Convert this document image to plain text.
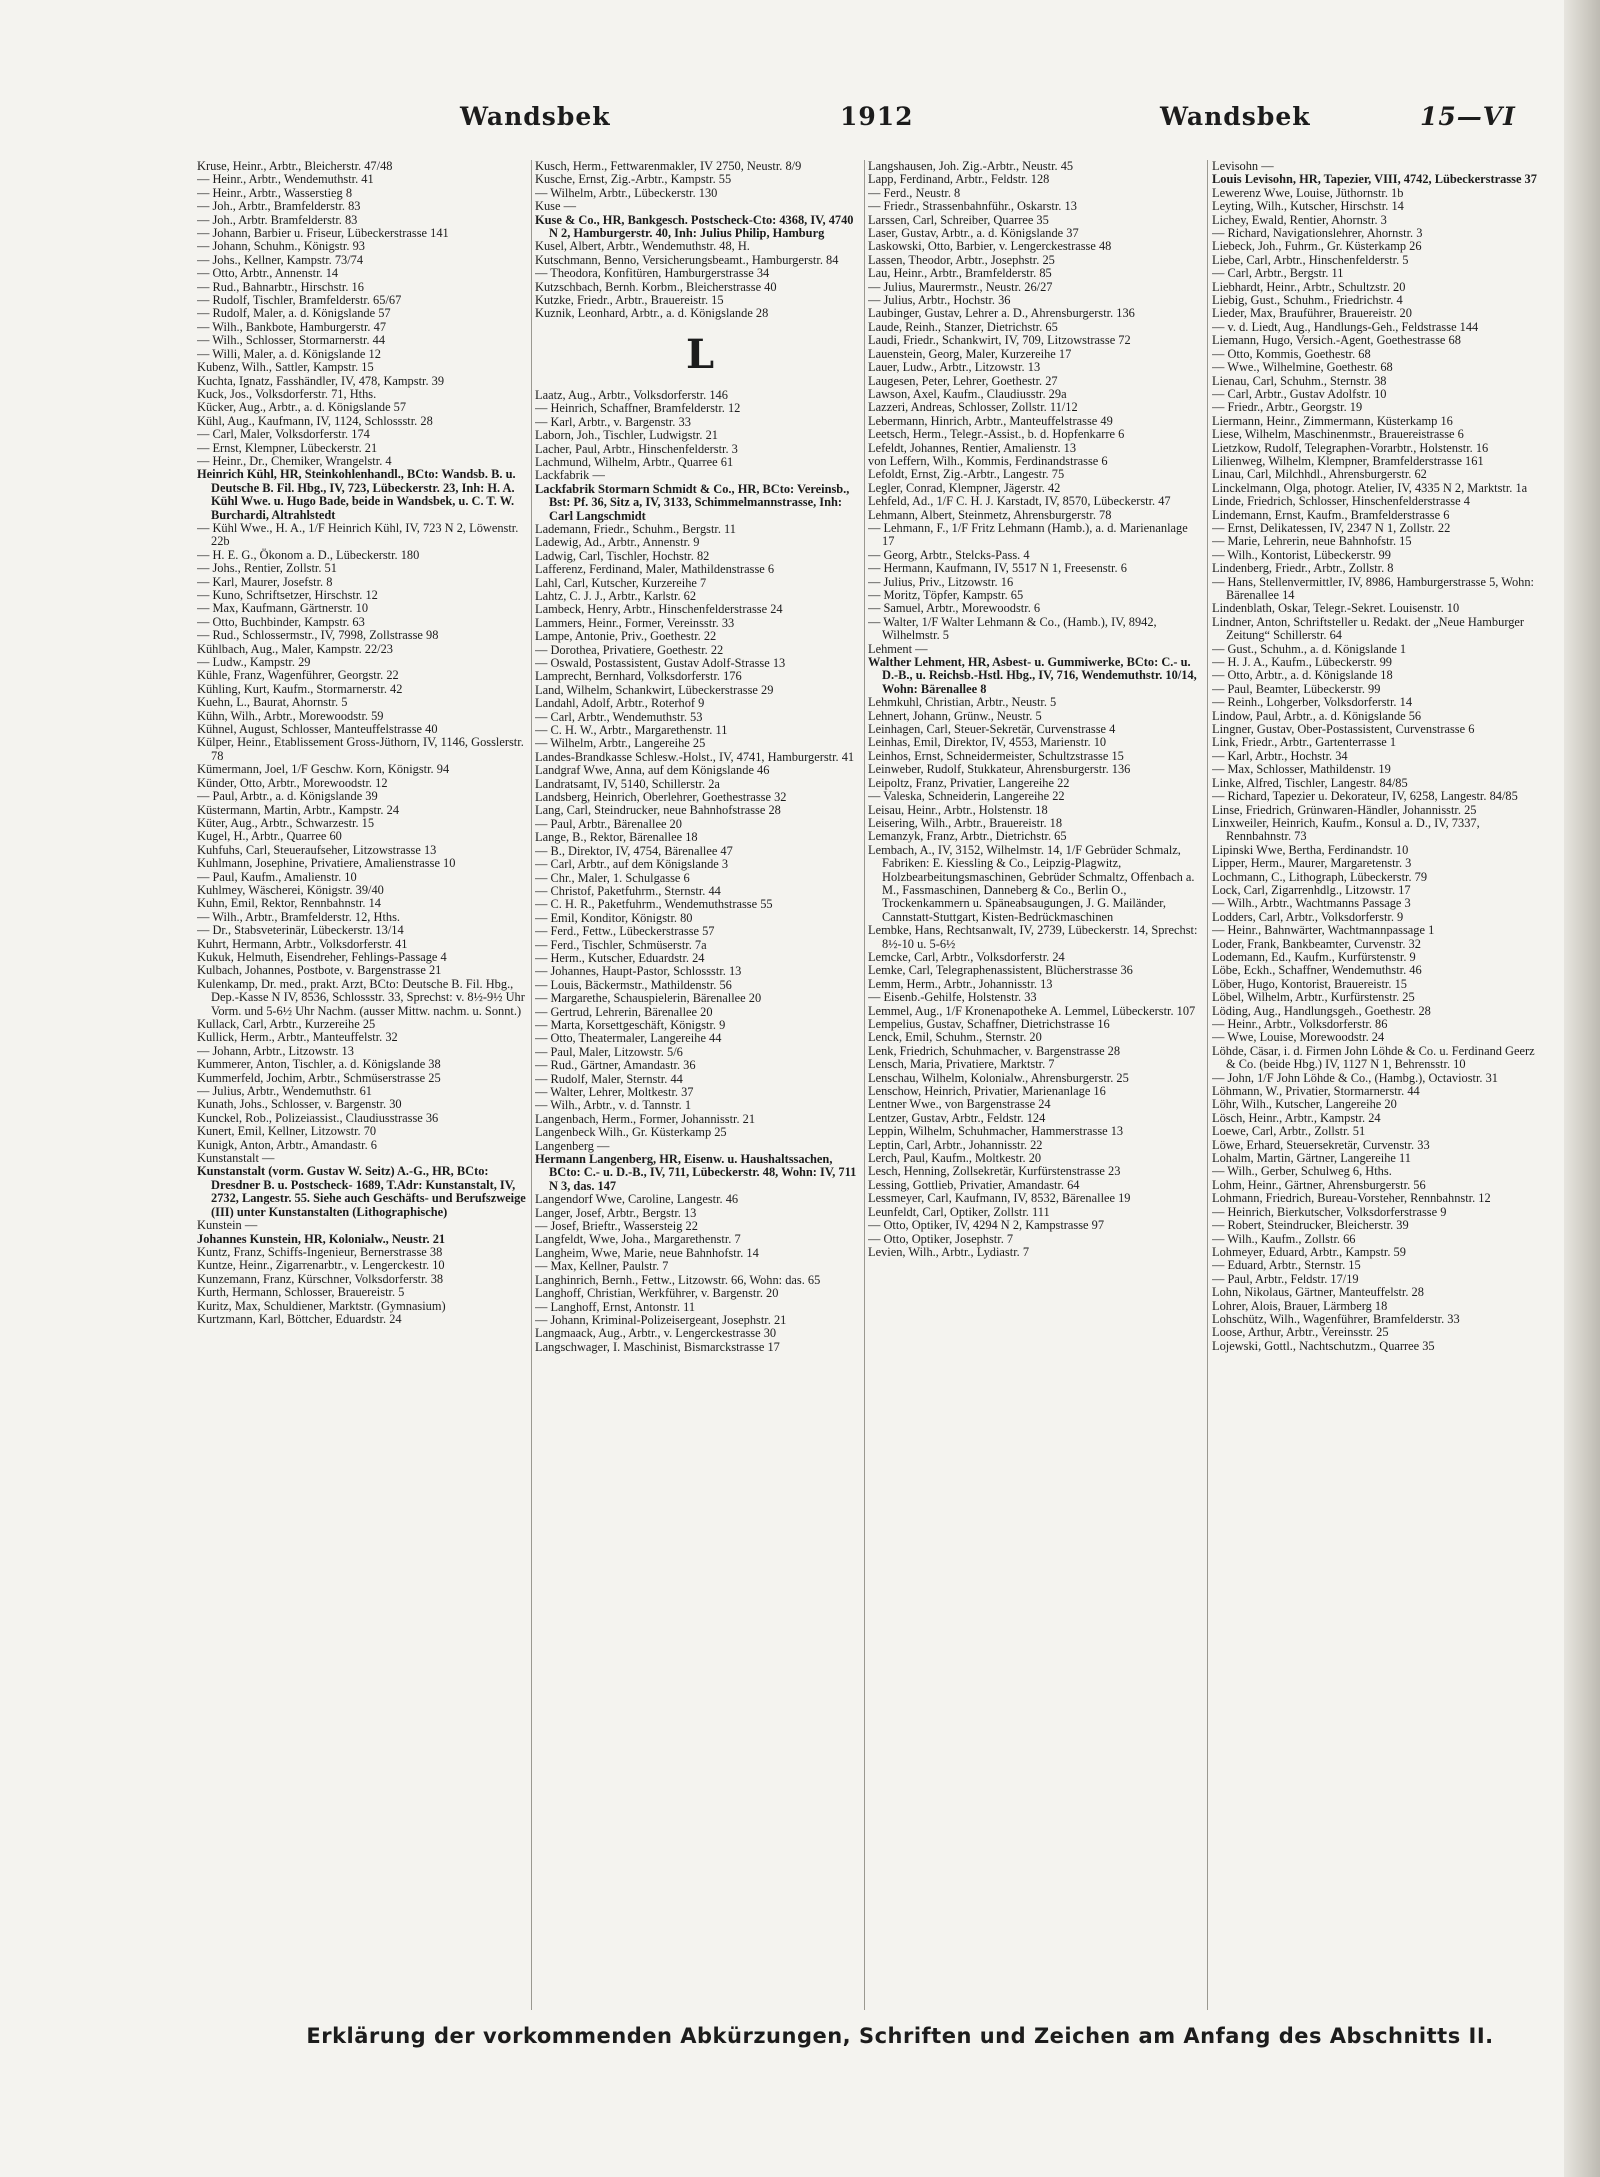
Wandsbek	1912	Wandsbek	15—VI

Kruse, Heinr., Arbtr., Bleicherstr. 47/48

— Heinr., Arbtr., Wendemuthstr. 41

— Heinr., Arbtr., Wasserstieg 8

— Joh., Arbtr., Bramfelderstr. 83

— Joh., Arbtr. Bramfelderstr. 83

— Johann, Barbier u. Friseur, Lübeckerstrasse 141

— Johann, Schuhm., Königstr. 93

— Johs., Kellner, Kampstr. 73/74

— Otto, Arbtr., Annenstr. 14

— Rud., Bahnarbtr., Hirschstr. 16

— Rudolf, Tischler, Bramfelderstr. 65/67

— Rudolf, Maler, a. d. Königslande 57

— Wilh., Bankbote, Hamburgerstr. 47

— Wilh., Schlosser, Stormarnerstr. 44

— Willi, Maler, a. d. Königslande 12

Kubenz, Wilh., Sattler, Kampstr. 15

Kuchta, Ignatz, Fasshändler, IV, 478, Kampstr. 39

Kuck, Jos., Volksdorferstr. 71, Hths.

Kücker, Aug., Arbtr., a. d. Königslande 57

Kühl, Aug., Kaufmann, IV, 1124, Schlossstr. 28

— Carl, Maler, Volksdorferstr. 174

— Ernst, Klempner, Lübeckerstr. 21

— Heinr., Dr., Chemiker, Wrangelstr. 4

Heinrich Kühl, HR, Steinkohlenhandl., BCto: Wandsb. B. u. Deutsche B. Fil. Hbg., IV, 723, Lübeckerstr. 23, Inh: H. A. Kühl Wwe. u. Hugo Bade, beide in Wandsbek, u. C. T. W. Burchardi, Altrahlstedt

— Kühl Wwe., H. A., 1/F Heinrich Kühl, IV, 723 N 2, Löwenstr. 22b

— H. E. G., Ökonom a. D., Lübeckerstr. 180

— Johs., Rentier, Zollstr. 51

— Karl, Maurer, Josefstr. 8

— Kuno, Schriftsetzer, Hirschstr. 12

— Max, Kaufmann, Gärtnerstr. 10

— Otto, Buchbinder, Kampstr. 63

— Rud., Schlossermstr., IV, 7998, Zollstrasse 98

Kühlbach, Aug., Maler, Kampstr. 22/23

— Ludw., Kampstr. 29

Kühle, Franz, Wagenführer, Georgstr. 22

Kühling, Kurt, Kaufm., Stormarnerstr. 42

Kuehn, L., Baurat, Ahornstr. 5

Kühn, Wilh., Arbtr., Morewoodstr. 59

Kühnel, August, Schlosser, Manteuffelstrasse 40

Külper, Heinr., Etablissement Gross-Jüthorn, IV, 1146, Gosslerstr. 78

Kümermann, Joel, 1/F Geschw. Korn, Königstr. 94

Künder, Otto, Arbtr., Morewoodstr. 12

— Paul, Arbtr., a. d. Königslande 39

Küstermann, Martin, Arbtr., Kampstr. 24

Küter, Aug., Arbtr., Schwarzestr. 15

Kugel, H., Arbtr., Quarree 60

Kuhfuhs, Carl, Steueraufseher, Litzowstrasse 13

Kuhlmann, Josephine, Privatiere, Amalienstrasse 10

— Paul, Kaufm., Amalienstr. 10

Kuhlmey, Wäscherei, Königstr. 39/40

Kuhn, Emil, Rektor, Rennbahnstr. 14

— Wilh., Arbtr., Bramfelderstr. 12, Hths.

— Dr., Stabsveterinär, Lübeckerstr. 13/14

Kuhrt, Hermann, Arbtr., Volksdorferstr. 41

Kukuk, Helmuth, Eisendreher, Fehlings-Passage 4

Kulbach, Johannes, Postbote, v. Bargenstrasse 21

Kulenkamp, Dr. med., prakt. Arzt, BCto: Deutsche B. Fil. Hbg., Dep.-Kasse N IV, 8536, Schlossstr. 33, Sprechst: v. 8½-9½ Uhr Vorm. und 5-6½ Uhr Nachm. (ausser Mittw. nachm. u. Sonnt.)

Kullack, Carl, Arbtr., Kurzereihe 25

Kullick, Herm., Arbtr., Manteuffelstr. 32

— Johann, Arbtr., Litzowstr. 13

Kummerer, Anton, Tischler, a. d. Königslande 38

Kummerfeld, Jochim, Arbtr., Schmüserstrasse 25

— Julius, Arbtr., Wendemuthstr. 61

Kunath, Johs., Schlosser, v. Bargenstr. 30

Kunckel, Rob., Polizeiassist., Claudiusstrasse 36

Kunert, Emil, Kellner, Litzowstr. 70

Kunigk, Anton, Arbtr., Amandastr. 6

Kunstanstalt —

Kunstanstalt (vorm. Gustav W. Seitz) A.-G., HR, BCto: Dresdner B. u. Postscheck- 1689, T.Adr: Kunstanstalt, IV, 2732, Langestr. 55. Siehe auch Geschäfts- und Berufszweige (III) unter Kunstanstalten (Lithographische)

Kunstein —

Johannes Kunstein, HR, Kolonialw., Neustr. 21

Kuntz, Franz, Schiffs-Ingenieur, Bernerstrasse 38

Kuntze, Heinr., Zigarrenarbtr., v. Lengerckestr. 10

Kunzemann, Franz, Kürschner, Volksdorferstr. 38

Kurth, Hermann, Schlosser, Brauereistr. 5

Kuritz, Max, Schuldiener, Marktstr. (Gymnasium)

Kurtzmann, Karl, Böttcher, Eduardstr. 24

Kusch, Herm., Fettwarenmakler, IV 2750, Neustr. 8/9

Kusche, Ernst, Zig.-Arbtr., Kampstr. 55

— Wilhelm, Arbtr., Lübeckerstr. 130

Kuse —

Kuse & Co., HR, Bankgesch. Postscheck-Cto: 4368, IV, 4740 N 2, Hamburgerstr. 40, Inh: Julius Philip, Hamburg

Kusel, Albert, Arbtr., Wendemuthstr. 48, H.

Kutschmann, Benno, Versicherungsbeamt., Hamburgerstr. 84

— Theodora, Konfitüren, Hamburgerstrasse 34

Kutzschbach, Bernh. Korbm., Bleicherstrasse 40

Kutzke, Friedr., Arbtr., Brauereistr. 15

Kuznik, Leonhard, Arbtr., a. d. Königslande 28

L

Laatz, Aug., Arbtr., Volksdorferstr. 146

— Heinrich, Schaffner, Bramfelderstr. 12

— Karl, Arbtr., v. Bargenstr. 33

Laborn, Joh., Tischler, Ludwigstr. 21

Lacher, Paul, Arbtr., Hinschenfelderstr. 3

Lachmund, Wilhelm, Arbtr., Quarree 61

Lackfabrik —

Lackfabrik Stormarn Schmidt & Co., HR, BCto: Vereinsb., Bst: Pf. 36, Sitz a, IV, 3133, Schimmelmannstrasse, Inh: Carl Langschmidt

Lademann, Friedr., Schuhm., Bergstr. 11

Ladewig, Ad., Arbtr., Annenstr. 9

Ladwig, Carl, Tischler, Hochstr. 82

Lafferenz, Ferdinand, Maler, Mathildenstrasse 6

Lahl, Carl, Kutscher, Kurzereihe 7

Lahtz, C. J. J., Arbtr., Karlstr. 62

Lambeck, Henry, Arbtr., Hinschenfelderstrasse 24

Lammers, Heinr., Former, Vereinsstr. 33

Lampe, Antonie, Priv., Goethestr. 22

— Dorothea, Privatiere, Goethestr. 22

— Oswald, Postassistent, Gustav Adolf-Strasse 13

Lamprecht, Bernhard, Volksdorferstr. 176

Land, Wilhelm, Schankwirt, Lübeckerstrasse 29

Landahl, Adolf, Arbtr., Roterhof 9

— Carl, Arbtr., Wendemuthstr. 53

— C. H. W., Arbtr., Margarethenstr. 11

— Wilhelm, Arbtr., Langereihe 25

Landes-Brandkasse Schlesw.-Holst., IV, 4741, Hamburgerstr. 41

Landgraf Wwe, Anna, auf dem Königslande 46

Landratsamt, IV, 5140, Schillerstr. 2a

Landsberg, Heinrich, Oberlehrer, Goethestrasse 32

Lang, Carl, Steindrucker, neue Bahnhofstrasse 28

— Paul, Arbtr., Bärenallee 20

Lange, B., Rektor, Bärenallee 18

— B., Direktor, IV, 4754, Bärenallee 47

— Carl, Arbtr., auf dem Königslande 3

— Chr., Maler, 1. Schulgasse 6

— Christof, Paketfuhrm., Sternstr. 44

— C. H. R., Paketfuhrm., Wendemuthstrasse 55

— Emil, Konditor, Königstr. 80

— Ferd., Fettw., Lübeckerstrasse 57

— Ferd., Tischler, Schmüserstr. 7a

— Herm., Kutscher, Eduardstr. 24

— Johannes, Haupt-Pastor, Schlossstr. 13

— Louis, Bäckermstr., Mathildenstr. 56

— Margarethe, Schauspielerin, Bärenallee 20

— Gertrud, Lehrerin, Bärenallee 20

— Marta, Korsettgeschäft, Königstr. 9

— Otto, Theatermaler, Langereihe 44

— Paul, Maler, Litzowstr. 5/6

— Rud., Gärtner, Amandastr. 36

— Rudolf, Maler, Sternstr. 44

— Walter, Lehrer, Moltkestr. 37

— Wilh., Arbtr., v. d. Tannstr. 1

Langenbach, Herm., Former, Johannisstr. 21

Langenbeck Wilh., Gr. Küsterkamp 25

Langenberg —

Hermann Langenberg, HR, Eisenw. u. Haushaltssachen, BCto: C.- u. D.-B., IV, 711, Lübeckerstr. 48, Wohn: IV, 711 N 3, das. 147

Langendorf Wwe, Caroline, Langestr. 46

Langer, Josef, Arbtr., Bergstr. 13

— Josef, Brieftr., Wassersteig 22

Langfeldt, Wwe, Joha., Margarethenstr. 7

Langheim, Wwe, Marie, neue Bahnhofstr. 14

— Max, Kellner, Paulstr. 7

Langhinrich, Bernh., Fettw., Litzowstr. 66, Wohn: das. 65

Langhoff, Christian, Werkführer, v. Bargenstr. 20

— Langhoff, Ernst, Antonstr. 11

— Johann, Kriminal-Polizeisergeant, Josephstr. 21

Langmaack, Aug., Arbtr., v. Lengerckestrasse 30

Langschwager, I. Maschinist, Bismarckstrasse 17

Langshausen, Joh. Zig.-Arbtr., Neustr. 45

Lapp, Ferdinand, Arbtr., Feldstr. 128

— Ferd., Neustr. 8

— Friedr., Strassenbahnführ., Oskarstr. 13

Larssen, Carl, Schreiber, Quarree 35

Laser, Gustav, Arbtr., a. d. Königslande 37

Laskowski, Otto, Barbier, v. Lengerckestrasse 48

Lassen, Theodor, Arbtr., Josephstr. 25

Lau, Heinr., Arbtr., Bramfelderstr. 85

— Julius, Maurermstr., Neustr. 26/27

— Julius, Arbtr., Hochstr. 36

Laubinger, Gustav, Lehrer a. D., Ahrensburgerstr. 136

Laude, Reinh., Stanzer, Dietrichstr. 65

Laudi, Friedr., Schankwirt, IV, 709, Litzowstrasse 72

Lauenstein, Georg, Maler, Kurzereihe 17

Lauer, Ludw., Arbtr., Litzowstr. 13

Laugesen, Peter, Lehrer, Goethestr. 27

Lawson, Axel, Kaufm., Claudiusstr. 29a

Lazzeri, Andreas, Schlosser, Zollstr. 11/12

Lebermann, Hinrich, Arbtr., Manteuffelstrasse 49

Leetsch, Herm., Telegr.-Assist., b. d. Hopfenkarre 6

Lefeldt, Johannes, Rentier, Amalienstr. 13

von Leffern, Wilh., Kommis, Ferdinandstrasse 6

Lefoldt, Ernst, Zig.-Arbtr., Langestr. 75

Legler, Conrad, Klempner, Jägerstr. 42

Lehfeld, Ad., 1/F C. H. J. Karstadt, IV, 8570, Lübeckerstr. 47

Lehmann, Albert, Steinmetz, Ahrensburgerstr. 78

— Lehmann, F., 1/F Fritz Lehmann (Hamb.), a. d. Marienanlage 17

— Georg, Arbtr., Stelcks-Pass. 4

— Hermann, Kaufmann, IV, 5517 N 1, Freesenstr. 6

— Julius, Priv., Litzowstr. 16

— Moritz, Töpfer, Kampstr. 65

— Samuel, Arbtr., Morewoodstr. 6

— Walter, 1/F Walter Lehmann & Co., (Hamb.), IV, 8942, Wilhelmstr. 5

Lehment —

Walther Lehment, HR, Asbest- u. Gummiwerke, BCto: C.- u. D.-B., u. Reichsb.-Hstl. Hbg., IV, 716, Wendemuthstr. 10/14, Wohn: Bärenallee 8

Lehmkuhl, Christian, Arbtr., Neustr. 5

Lehnert, Johann, Grünw., Neustr. 5

Leinhagen, Carl, Steuer-Sekretär, Curvenstrasse 4

Leinhas, Emil, Direktor, IV, 4553, Marienstr. 10

Leinhos, Ernst, Schneidermeister, Schultzstrasse 15

Leinweber, Rudolf, Stukkateur, Ahrensburgerstr. 136

Leipoltz, Franz, Privatier, Langereihe 22

— Valeska, Schneiderin, Langereihe 22

Leisau, Heinr., Arbtr., Holstenstr. 18

Leisering, Wilh., Arbtr., Brauereistr. 18

Lemanzyk, Franz, Arbtr., Dietrichstr. 65

Lembach, A., IV, 3152, Wilhelmstr. 14, 1/F Gebrüder Schmalz, Fabriken: E. Kiessling & Co., Leipzig-Plagwitz, Holzbearbeitungsmaschinen, Gebrüder Schmaltz, Offenbach a. M., Fassmaschinen, Danneberg & Co., Berlin O., Trockenkammern u. Späneabsaugungen, J. G. Mailänder, Cannstatt-Stuttgart, Kisten-Bedrückmaschinen

Lembke, Hans, Rechtsanwalt, IV, 2739, Lübeckerstr. 14, Sprechst: 8½-10 u. 5-6½

Lemcke, Carl, Arbtr., Volksdorferstr. 24

Lemke, Carl, Telegraphenassistent, Blücherstrasse 36

Lemm, Herm., Arbtr., Johannisstr. 13

— Eisenb.-Gehilfe, Holstenstr. 33

Lemmel, Aug., 1/F Kronenapotheke A. Lemmel, Lübeckerstr. 107

Lempelius, Gustav, Schaffner, Dietrichstrasse 16

Lenck, Emil, Schuhm., Sternstr. 20

Lenk, Friedrich, Schuhmacher, v. Bargenstrasse 28

Lensch, Maria, Privatiere, Marktstr. 7

Lenschau, Wilhelm, Kolonialw., Ahrensburgerstr. 25

Lenschow, Heinrich, Privatier, Marienanlage 16

Lentner Wwe., von Bargenstrasse 24

Lentzer, Gustav, Arbtr., Feldstr. 124

Leppin, Wilhelm, Schuhmacher, Hammerstrasse 13

Leptin, Carl, Arbtr., Johannisstr. 22

Lerch, Paul, Kaufm., Moltkestr. 20

Lesch, Henning, Zollsekretär, Kurfürstenstrasse 23

Lessing, Gottlieb, Privatier, Amandastr. 64

Lessmeyer, Carl, Kaufmann, IV, 8532, Bärenallee 19

Leunfeldt, Carl, Optiker, Zollstr. 111

— Otto, Optiker, IV, 4294 N 2, Kampstrasse 97

— Otto, Optiker, Josephstr. 7

Levien, Wilh., Arbtr., Lydiastr. 7

Levisohn —

Louis Levisohn, HR, Tapezier, VIII, 4742, Lübeckerstrasse 37

Lewerenz Wwe, Louise, Jüthornstr. 1b

Leyting, Wilh., Kutscher, Hirschstr. 14

Lichey, Ewald, Rentier, Ahornstr. 3

— Richard, Navigationslehrer, Ahornstr. 3

Liebeck, Joh., Fuhrm., Gr. Küsterkamp 26

Liebe, Carl, Arbtr., Hinschenfelderstr. 5

— Carl, Arbtr., Bergstr. 11

Liebhardt, Heinr., Arbtr., Schultzstr. 20

Liebig, Gust., Schuhm., Friedrichstr. 4

Lieder, Max, Brauführer, Brauereistr. 20

— v. d. Liedt, Aug., Handlungs-Geh., Feldstrasse 144

Liemann, Hugo, Versich.-Agent, Goethestrasse 68

— Otto, Kommis, Goethestr. 68

— Wwe., Wilhelmine, Goethestr. 68

Lienau, Carl, Schuhm., Sternstr. 38

— Carl, Arbtr., Gustav Adolfstr. 10

— Friedr., Arbtr., Georgstr. 19

Liermann, Heinr., Zimmermann, Küsterkamp 16

Liese, Wilhelm, Maschinenmstr., Brauereistrasse 6

Lietzkow, Rudolf, Telegraphen-Vorarbtr., Holstenstr. 16

Lilienweg, Wilhelm, Klempner, Bramfelderstrasse 161

Linau, Carl, Milchhdl., Ahrensburgerstr. 62

Linckelmann, Olga, photogr. Atelier, IV, 4335 N 2, Marktstr. 1a

Linde, Friedrich, Schlosser, Hinschenfelderstrasse 4

Lindemann, Ernst, Kaufm., Bramfelderstrasse 6

— Ernst, Delikatessen, IV, 2347 N 1, Zollstr. 22

— Marie, Lehrerin, neue Bahnhofstr. 15

— Wilh., Kontorist, Lübeckerstr. 99

Lindenberg, Friedr., Arbtr., Zollstr. 8

— Hans, Stellenvermittler, IV, 8986, Hamburgerstrasse 5, Wohn: Bärenallee 14

Lindenblath, Oskar, Telegr.-Sekret. Louisenstr. 10

Lindner, Anton, Schriftsteller u. Redakt. der „Neue Hamburger Zeitung“ Schillerstr. 64

— Gust., Schuhm., a. d. Königslande 1

— H. J. A., Kaufm., Lübeckerstr. 99

— Otto, Arbtr., a. d. Königslande 18

— Paul, Beamter, Lübeckerstr. 99

— Reinh., Lohgerber, Volksdorferstr. 14

Lindow, Paul, Arbtr., a. d. Königslande 56

Lingner, Gustav, Ober-Postassistent, Curvenstrasse 6

Link, Friedr., Arbtr., Gartenterrasse 1

— Karl, Arbtr., Hochstr. 34

— Max, Schlosser, Mathildenstr. 19

Linke, Alfred, Tischler, Langestr. 84/85

— Richard, Tapezier u. Dekorateur, IV, 6258, Langestr. 84/85

Linse, Friedrich, Grünwaren-Händler, Johannisstr. 25

Linxweiler, Heinrich, Kaufm., Konsul a. D., IV, 7337, Rennbahnstr. 73

Lipinski Wwe, Bertha, Ferdinandstr. 10

Lipper, Herm., Maurer, Margaretenstr. 3

Lochmann, C., Lithograph, Lübeckerstr. 79

Lock, Carl, Zigarrenhdlg., Litzowstr. 17

— Wilh., Arbtr., Wachtmanns Passage 3

Lodders, Carl, Arbtr., Volksdorferstr. 9

— Heinr., Bahnwärter, Wachtmannpassage 1

Loder, Frank, Bankbeamter, Curvenstr. 32

Lodemann, Ed., Kaufm., Kurfürstenstr. 9

Löbe, Eckh., Schaffner, Wendemuthstr. 46

Löber, Hugo, Kontorist, Brauereistr. 15

Löbel, Wilhelm, Arbtr., Kurfürstenstr. 25

Löding, Aug., Handlungsgeh., Goethestr. 28

— Heinr., Arbtr., Volksdorferstr. 86

— Wwe, Louise, Morewoodstr. 24

Löhde, Cäsar, i. d. Firmen John Löhde & Co. u. Ferdinand Geerz & Co. (beide Hbg.) IV, 1127 N 1, Behrensstr. 10

— John, 1/F John Löhde & Co., (Hambg.), Octaviostr. 31

Löhmann, W., Privatier, Stormarnerstr. 44

Löhr, Wilh., Kutscher, Langereihe 20

Lösch, Heinr., Arbtr., Kampstr. 24

Loewe, Carl, Arbtr., Zollstr. 51

Löwe, Erhard, Steuersekretär, Curvenstr. 33

Lohalm, Martin, Gärtner, Langereihe 11

— Wilh., Gerber, Schulweg 6, Hths.

Lohm, Heinr., Gärtner, Ahrensburgerstr. 56

Lohmann, Friedrich, Bureau-Vorsteher, Rennbahnstr. 12

— Heinrich, Bierkutscher, Volksdorferstrasse 9

— Robert, Steindrucker, Bleicherstr. 39

— Wilh., Kaufm., Zollstr. 66

Lohmeyer, Eduard, Arbtr., Kampstr. 59

— Eduard, Arbtr., Sternstr. 15

— Paul, Arbtr., Feldstr. 17/19

Lohn, Nikolaus, Gärtner, Manteuffelstr. 28

Lohrer, Alois, Brauer, Lärmberg 18

Lohschütz, Wilh., Wagenführer, Bramfelderstr. 33

Loose, Arthur, Arbtr., Vereinsstr. 25

Lojewski, Gottl., Nachtschutzm., Quarree 35

Erklärung der vorkommenden Abkürzungen, Schriften und Zeichen am Anfang des Abschnitts II.
